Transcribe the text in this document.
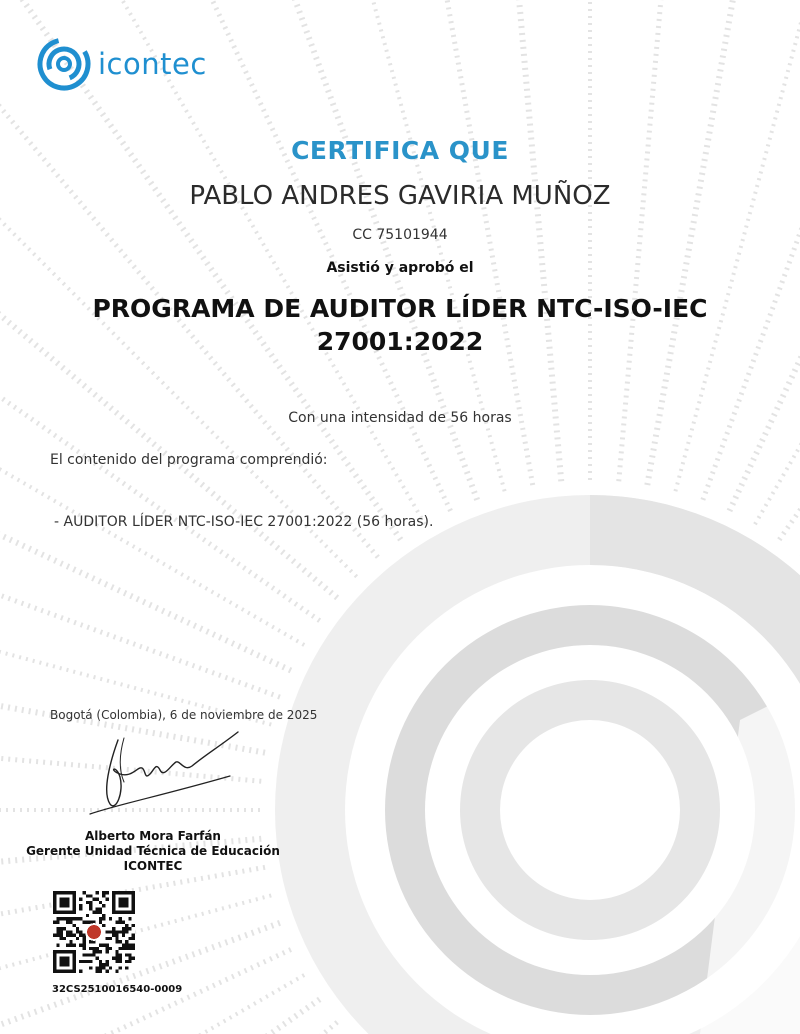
icontec
CERTIFICA QUE
PABLO ANDRES GAVIRIA MUÑOZ
CC 75101944
Asistió y aprobó el
PROGRAMA DE AUDITOR LÍDER NTC-ISO-IEC 27001:2022
Con una intensidad de 56 horas
El contenido del programa comprendió:
- AUDITOR LÍDER NTC-ISO-IEC 27001:2022 (56 horas).
Bogotá (Colombia), 6 de noviembre de 2025
Alberto Mora Farfán
Gerente Unidad Técnica de Educación ICONTEC
32CS2510016540-0009
